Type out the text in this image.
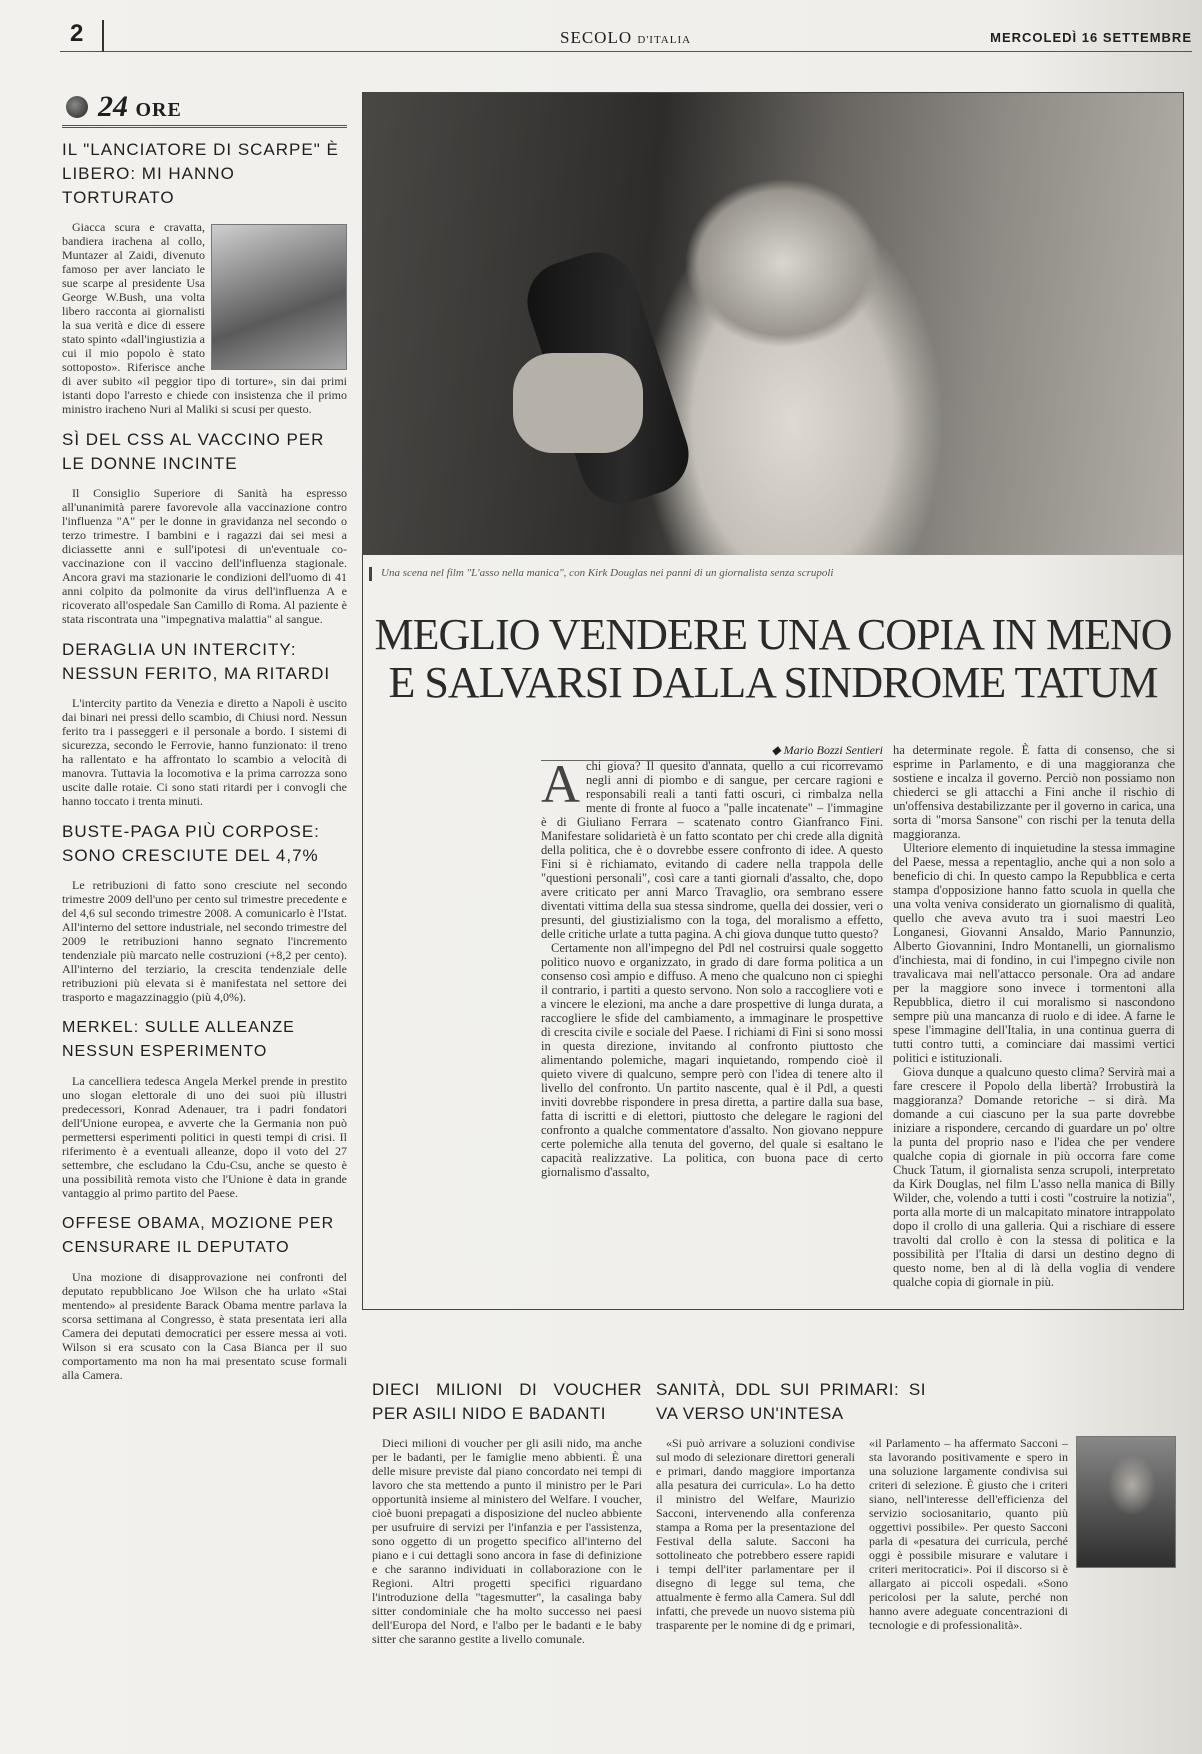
2	SECOLO D'ITALIA	MERCOLEDÌ 16 SETTEMBRE
24 ORE
IL "LANCIATORE DI SCARPE" È LIBERO: MI HANNO TORTURATO
Giacca scura e cravatta, bandiera irachena al collo, Muntazer al Zaidi, divenuto famoso per aver lanciato le sue scarpe al presidente Usa George W.Bush, una volta libero racconta ai giornalisti la sua verità e dice di essere stato spinto «dall'ingiustizia a cui il mio popolo è stato sottoposto». Riferisce anche di aver subito «il peggior tipo di torture», sin dai primi istanti dopo l'arresto e chiede con insistenza che il primo ministro iracheno Nuri al Maliki si scusi per questo.
SÌ DEL CSS AL VACCINO PER LE DONNE INCINTE
Il Consiglio Superiore di Sanità ha espresso all'unanimità parere favorevole alla vaccinazione contro l'influenza "A" per le donne in gravidanza nel secondo o terzo trimestre. I bambini e i ragazzi dai sei mesi a diciassette anni e sull'ipotesi di un'eventuale co-vaccinazione con il vaccino dell'influenza stagionale. Ancora gravi ma stazionarie le condizioni dell'uomo di 41 anni colpito da polmonite da virus dell'influenza A e ricoverato all'ospedale San Camillo di Roma. Al paziente è stata riscontrata una "impegnativa malattia" al sangue.
DERAGLIA UN INTERCITY: NESSUN FERITO, MA RITARDI
L'intercity partito da Venezia e diretto a Napoli è uscito dai binari nei pressi dello scambio, di Chiusi nord. Nessun ferito tra i passeggeri e il personale a bordo. I sistemi di sicurezza, secondo le Ferrovie, hanno funzionato: il treno ha rallentato e ha affrontato lo scambio a velocità di manovra. Tuttavia la locomotiva e la prima carrozza sono uscite dalle rotaie. Ci sono stati ritardi per i convogli che hanno toccato i trenta minuti.
BUSTE-PAGA PIÙ CORPOSE: SONO CRESCIUTE DEL 4,7%
Le retribuzioni di fatto sono cresciute nel secondo trimestre 2009 dell'uno per cento sul trimestre precedente e del 4,6 sul secondo trimestre 2008. A comunicarlo è l'Istat. All'interno del settore industriale, nel secondo trimestre del 2009 le retribuzioni hanno segnato l'incremento tendenziale più marcato nelle costruzioni (+8,2 per cento). All'interno del terziario, la crescita tendenziale delle retribuzioni più elevata si è manifestata nel settore dei trasporto e magazzinaggio (più 4,0%).
MERKEL: SULLE ALLEANZE NESSUN ESPERIMENTO
La cancelliera tedesca Angela Merkel prende in prestito uno slogan elettorale di uno dei suoi più illustri predecessori, Konrad Adenauer, tra i padri fondatori dell'Unione europea, e avverte che la Germania non può permettersi esperimenti politici in questi tempi di crisi. Il riferimento è a eventuali alleanze, dopo il voto del 27 settembre, che escludano la Cdu-Csu, anche se questo è una possibilità remota visto che l'Unione è data in grande vantaggio al primo partito del Paese.
OFFESE OBAMA, MOZIONE PER CENSURARE IL DEPUTATO
Una mozione di disapprovazione nei confronti del deputato repubblicano Joe Wilson che ha urlato «Stai mentendo» al presidente Barack Obama mentre parlava la scorsa settimana al Congresso, è stata presentata ieri alla Camera dei deputati democratici per essere messa ai voti. Wilson si era scusato con la Casa Bianca per il suo comportamento ma non ha mai presentato scuse formali alla Camera.
Una scena nel film "L'asso nella manica", con Kirk Douglas nei panni di un giornalista senza scrupoli
MEGLIO VENDERE UNA COPIA IN MENO
E SALVARSI DALLA SINDROME TATUM
◆ Mario Bozzi Sentieri

Achi giova? Il quesito d'annata, quello a cui ricorrevamo negli anni di piombo e di sangue, per cercare ragioni e responsabili reali a tanti fatti oscuri, ci rimbalza nella mente di fronte al fuoco a "palle incatenate" – l'immagine è di Giuliano Ferrara – scatenato contro Gianfranco Fini. Manifestare solidarietà è un fatto scontato per chi crede alla dignità della politica, che è o dovrebbe essere confronto di idee. A questo Fini si è richiamato, evitando di cadere nella trappola delle "questioni personali", così care a tanti giornali d'assalto, che, dopo avere criticato per anni Marco Travaglio, ora sembrano essere diventati vittima della sua stessa sindrome, quella dei dossier, veri o presunti, del giustizialismo con la toga, del moralismo a effetto, delle critiche urlate a tutta pagina. A chi giova dunque tutto questo?

Certamente non all'impegno del Pdl nel costruirsi quale soggetto politico nuovo e organizzato, in grado di dare forma politica a un consenso così ampio e diffuso. A meno che qualcuno non ci spieghi il contrario, i partiti a questo servono. Non solo a raccogliere voti e a vincere le elezioni, ma anche a dare prospettive di lunga durata, a raccogliere le sfide del cambiamento, a immaginare le prospettive di crescita civile e sociale del Paese. I richiami di Fini si sono mossi in questa direzione, invitando al confronto piuttosto che alimentando polemiche, magari inquietando, rompendo cioè il quieto vivere di qualcuno, sempre però con l'idea di tenere alto il livello del confronto. Un partito nascente, qual è il Pdl, a questi inviti dovrebbe rispondere in presa diretta, a partire dalla sua base, fatta di iscritti e di elettori, piuttosto che delegare le ragioni del confronto a qualche commentatore d'assalto. Non giovano neppure certe polemiche alla tenuta del governo, del quale si esaltano le capacità realizzative. La politica, con buona pace di certo giornalismo d'assalto,

ha determinate regole. È fatta di consenso, che si esprime in Parlamento, e di una maggioranza che sostiene e incalza il governo. Perciò non possiamo non chiederci se gli attacchi a Fini anche il rischio di un'offensiva destabilizzante per il governo in carica, una sorta di "morsa Sansone" con rischi per la tenuta della maggioranza.

Ulteriore elemento di inquietudine la stessa immagine del Paese, messa a repentaglio, anche qui a non solo a beneficio di chi. In questo campo la Repubblica e certa stampa d'opposizione hanno fatto scuola in quella che una volta veniva considerato un giornalismo di qualità, quello che aveva avuto tra i suoi maestri Leo Longanesi, Giovanni Ansaldo, Mario Pannunzio, Alberto Giovannini, Indro Montanelli, un giornalismo d'inchiesta, mai di fondino, in cui l'impegno civile non travalicava mai nell'attacco personale. Ora ad andare per la maggiore sono invece i tormentoni alla Repubblica, dietro il cui moralismo si nascondono sempre più una mancanza di ruolo e di idee. A farne le spese l'immagine dell'Italia, in una continua guerra di tutti contro tutti, a cominciare dai massimi vertici politici e istituzionali.

Giova dunque a qualcuno questo clima? Servirà mai a fare crescere il Popolo della libertà? Irrobustirà la maggioranza? Domande retoriche – si dirà. Ma domande a cui ciascuno per la sua parte dovrebbe iniziare a rispondere, cercando di guardare un po' oltre la punta del proprio naso e l'idea che per vendere qualche copia di giornale in più occorra fare come Chuck Tatum, il giornalista senza scrupoli, interpretato da Kirk Douglas, nel film L'asso nella manica di Billy Wilder, che, volendo a tutti i costi "costruire la notizia", porta alla morte di un malcapitato minatore intrappolato dopo il crollo di una galleria. Qui a rischiare di essere travolti dal crollo è con la stessa di politica e la possibilità per l'Italia di darsi un destino degno di questo nome, ben al di là della voglia di vendere qualche copia di giornale in più.

DIECI MILIONI DI VOUCHER PER ASILI NIDO E BADANTI

Dieci milioni di voucher per gli asili nido, ma anche per le badanti, per le famiglie meno abbienti. È una delle misure previste dal piano concordato nei tempi di lavoro che sta mettendo a punto il ministro per le Pari opportunità insieme al ministero del Welfare. I voucher, cioè buoni prepagati a disposizione del nucleo abbiente per usufruire di servizi per l'infanzia e per l'assistenza, sono oggetto di un progetto specifico all'interno del piano e i cui dettagli sono ancora in fase di definizione e che saranno individuati in collaborazione con le Regioni. Altri progetti specifici riguardano l'introduzione della "tagesmutter", la casalinga baby sitter condominiale che ha molto successo nei paesi dell'Europa del Nord, e l'albo per le badanti e le baby sitter che saranno gestite a livello comunale.

SANITÀ, DDL SUI PRIMARI: SI VA VERSO UN'INTESA

«Si può arrivare a soluzioni condivise sul modo di selezionare direttori generali e primari, dando maggiore importanza alla pesatura dei curricula». Lo ha detto il ministro del Welfare, Maurizio Sacconi, intervenendo alla conferenza stampa a Roma per la presentazione del Festival della salute. Sacconi ha sottolineato che potrebbero essere rapidi i tempi dell'iter parlamentare per il disegno di legge sul tema, che attualmente è fermo alla Camera. Sul ddl infatti, che prevede un nuovo sistema più trasparente per le nomine di dg e primari, «il Parlamento – ha affermato Sacconi – sta lavorando positivamente e spero in una soluzione largamente condivisa sui criteri di selezione. È giusto che i criteri siano, nell'interesse dell'efficienza del servizio sociosanitario, quanto più oggettivi possibile». Per questo Sacconi parla di «pesatura dei curricula, perché oggi è possibile misurare e valutare i criteri meritocratici». Poi il discorso si è allargato ai piccoli ospedali. «Sono pericolosi per la salute, perché non hanno avere adeguate concentrazioni di tecnologie e di professionalità».
